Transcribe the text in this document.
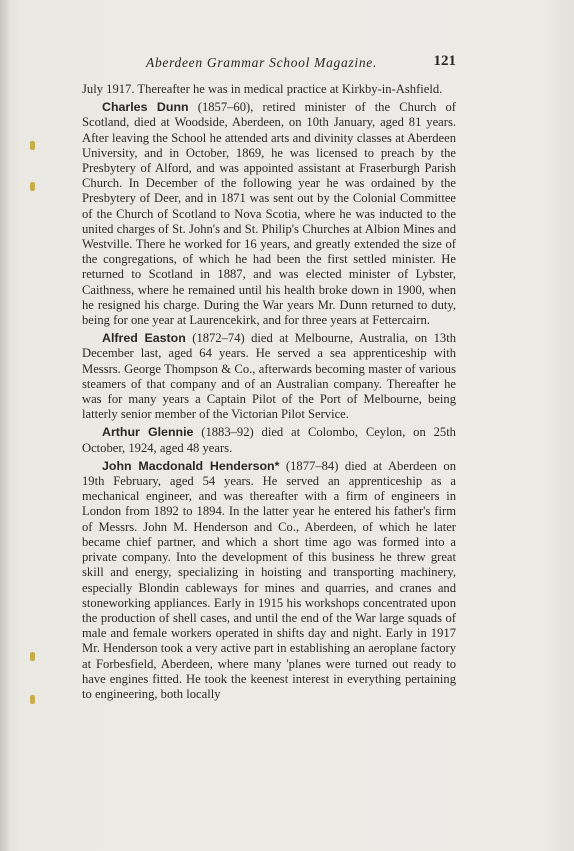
Aberdeen Grammar School Magazine.	121

July 1917. Thereafter he was in medical practice at Kirkby-in-Ashfield.

Charles Dunn (1857–60), retired minister of the Church of Scotland, died at Woodside, Aberdeen, on 10th January, aged 81 years. After leaving the School he attended arts and divinity classes at Aberdeen University, and in October, 1869, he was licensed to preach by the Presbytery of Alford, and was appointed assistant at Fraserburgh Parish Church. In December of the following year he was ordained by the Presbytery of Deer, and in 1871 was sent out by the Colonial Committee of the Church of Scotland to Nova Scotia, where he was inducted to the united charges of St. John's and St. Philip's Churches at Albion Mines and Westville. There he worked for 16 years, and greatly extended the size of the congregations, of which he had been the first settled minister. He returned to Scotland in 1887, and was elected minister of Lybster, Caithness, where he remained until his health broke down in 1900, when he resigned his charge. During the War years Mr. Dunn returned to duty, being for one year at Laurencekirk, and for three years at Fettercairn.

Alfred Easton (1872–74) died at Melbourne, Australia, on 13th December last, aged 64 years. He served a sea apprenticeship with Messrs. George Thompson & Co., afterwards becoming master of various steamers of that company and of an Australian company. Thereafter he was for many years a Captain Pilot of the Port of Melbourne, being latterly senior member of the Victorian Pilot Service.

Arthur Glennie (1883–92) died at Colombo, Ceylon, on 25th October, 1924, aged 48 years.

John Macdonald Henderson* (1877–84) died at Aberdeen on 19th February, aged 54 years. He served an apprenticeship as a mechanical engineer, and was thereafter with a firm of engineers in London from 1892 to 1894. In the latter year he entered his father's firm of Messrs. John M. Henderson and Co., Aberdeen, of which he later became chief partner, and which a short time ago was formed into a private company. Into the development of this business he threw great skill and energy, specializing in hoisting and transporting machinery, especially Blondin cableways for mines and quarries, and cranes and stoneworking appliances. Early in 1915 his workshops concentrated upon the production of shell cases, and until the end of the War large squads of male and female workers operated in shifts day and night. Early in 1917 Mr. Henderson took a very active part in establishing an aeroplane factory at Forbesfield, Aberdeen, where many 'planes were turned out ready to have engines fitted. He took the keenest interest in everything pertaining to engineering, both locally
